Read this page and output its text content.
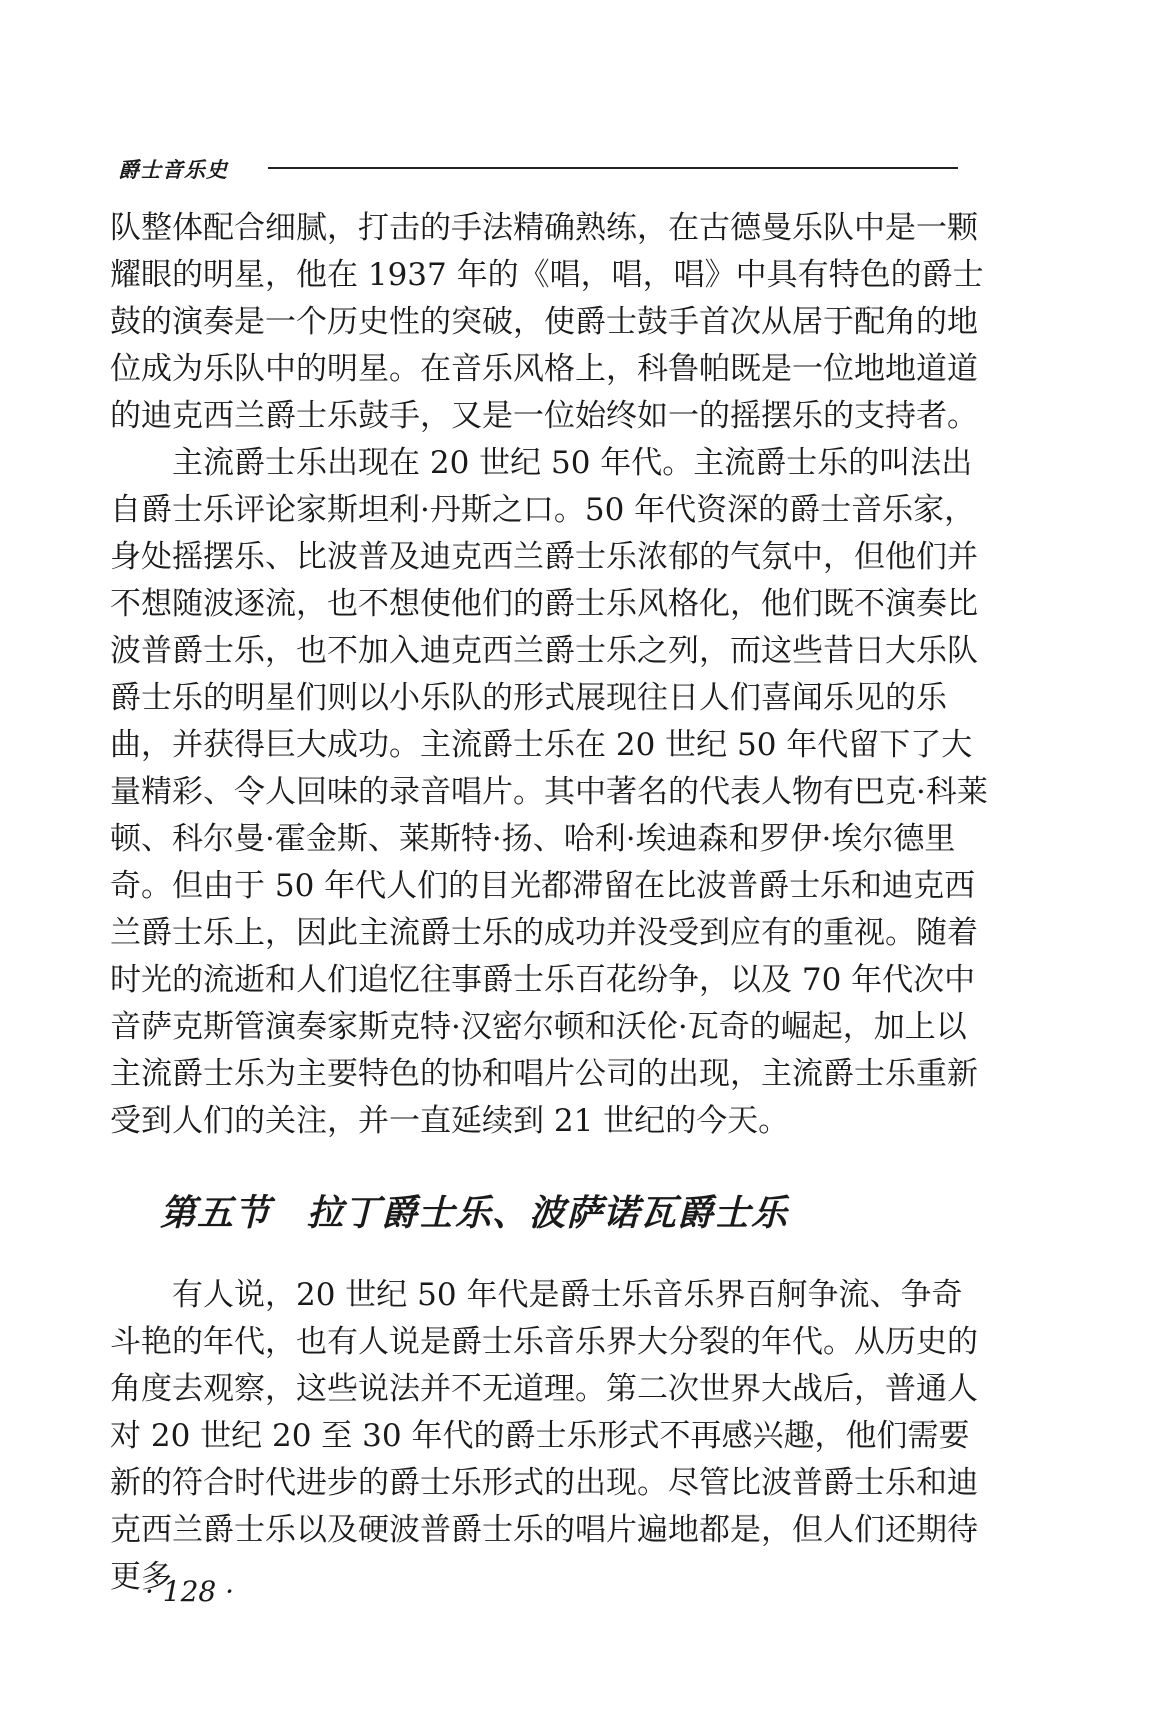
爵士音乐史

队整体配合细腻，打击的手法精确熟练，在古德曼乐队中是一颗耀眼的明星，他在 1937 年的《唱，唱，唱》中具有特色的爵士鼓的演奏是一个历史性的突破，使爵士鼓手首次从居于配角的地位成为乐队中的明星。在音乐风格上，科鲁帕既是一位地地道道的迪克西兰爵士乐鼓手，又是一位始终如一的摇摆乐的支持者。

主流爵士乐出现在 20 世纪 50 年代。主流爵士乐的叫法出自爵士乐评论家斯坦利·丹斯之口。50 年代资深的爵士音乐家，身处摇摆乐、比波普及迪克西兰爵士乐浓郁的气氛中，但他们并不想随波逐流，也不想使他们的爵士乐风格化，他们既不演奏比波普爵士乐，也不加入迪克西兰爵士乐之列，而这些昔日大乐队爵士乐的明星们则以小乐队的形式展现往日人们喜闻乐见的乐曲，并获得巨大成功。主流爵士乐在 20 世纪 50 年代留下了大量精彩、令人回味的录音唱片。其中著名的代表人物有巴克·科莱顿、科尔曼·霍金斯、莱斯特·扬、哈利·埃迪森和罗伊·埃尔德里奇。但由于 50 年代人们的目光都滞留在比波普爵士乐和迪克西兰爵士乐上，因此主流爵士乐的成功并没受到应有的重视。随着时光的流逝和人们追忆往事爵士乐百花纷争，以及 70 年代次中音萨克斯管演奏家斯克特·汉密尔顿和沃伦·瓦奇的崛起，加上以主流爵士乐为主要特色的协和唱片公司的出现，主流爵士乐重新受到人们的关注，并一直延续到 21 世纪的今天。

第五节 拉丁爵士乐、波萨诺瓦爵士乐

有人说，20 世纪 50 年代是爵士乐音乐界百舸争流、争奇斗艳的年代，也有人说是爵士乐音乐界大分裂的年代。从历史的角度去观察，这些说法并不无道理。第二次世界大战后，普通人对 20 世纪 20 至 30 年代的爵士乐形式不再感兴趣，他们需要新的符合时代进步的爵士乐形式的出现。尽管比波普爵士乐和迪克西兰爵士乐以及硬波普爵士乐的唱片遍地都是，但人们还期待更多

· 128 ·
